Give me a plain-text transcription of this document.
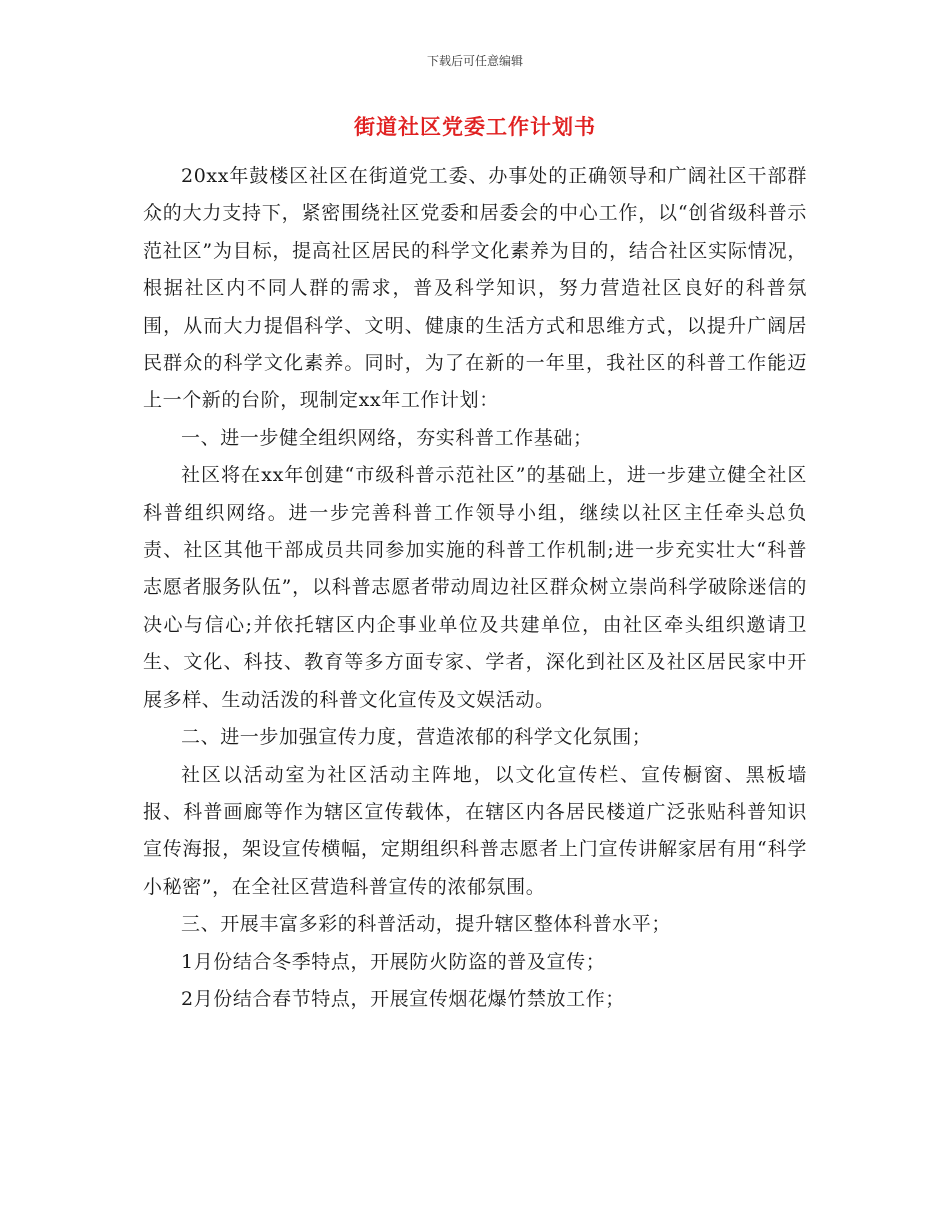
下载后可任意编辑
街道社区党委工作计划书

20xx年鼓楼区社区在街道党工委、办事处的正确领导和广阔社区干部群众的大力支持下，紧密围绕社区党委和居委会的中心工作，以“创省级科普示范社区”为目标，提高社区居民的科学文化素养为目的，结合社区实际情况，根据社区内不同人群的需求，普及科学知识，努力营造社区良好的科普氛围，从而大力提倡科学、文明、健康的生活方式和思维方式，以提升广阔居民群众的科学文化素养。同时，为了在新的一年里，我社区的科普工作能迈上一个新的台阶，现制定xx年工作计划：

一、进一步健全组织网络，夯实科普工作基础；

社区将在xx年创建“市级科普示范社区”的基础上，进一步建立健全社区科普组织网络。进一步完善科普工作领导小组，继续以社区主任牵头总负责、社区其他干部成员共同参加实施的科普工作机制;进一步充实壮大“科普志愿者服务队伍”，以科普志愿者带动周边社区群众树立崇尚科学破除迷信的决心与信心;并依托辖区内企事业单位及共建单位，由社区牵头组织邀请卫生、文化、科技、教育等多方面专家、学者，深化到社区及社区居民家中开展多样、生动活泼的科普文化宣传及文娱活动。

二、进一步加强宣传力度，营造浓郁的科学文化氛围；

社区以活动室为社区活动主阵地，以文化宣传栏、宣传橱窗、黑板墙报、科普画廊等作为辖区宣传载体，在辖区内各居民楼道广泛张贴科普知识宣传海报，架设宣传横幅，定期组织科普志愿者上门宣传讲解家居有用“科学小秘密”，在全社区营造科普宣传的浓郁氛围。

三、开展丰富多彩的科普活动，提升辖区整体科普水平；

1月份结合冬季特点，开展防火防盗的普及宣传；

2月份结合春节特点，开展宣传烟花爆竹禁放工作；
